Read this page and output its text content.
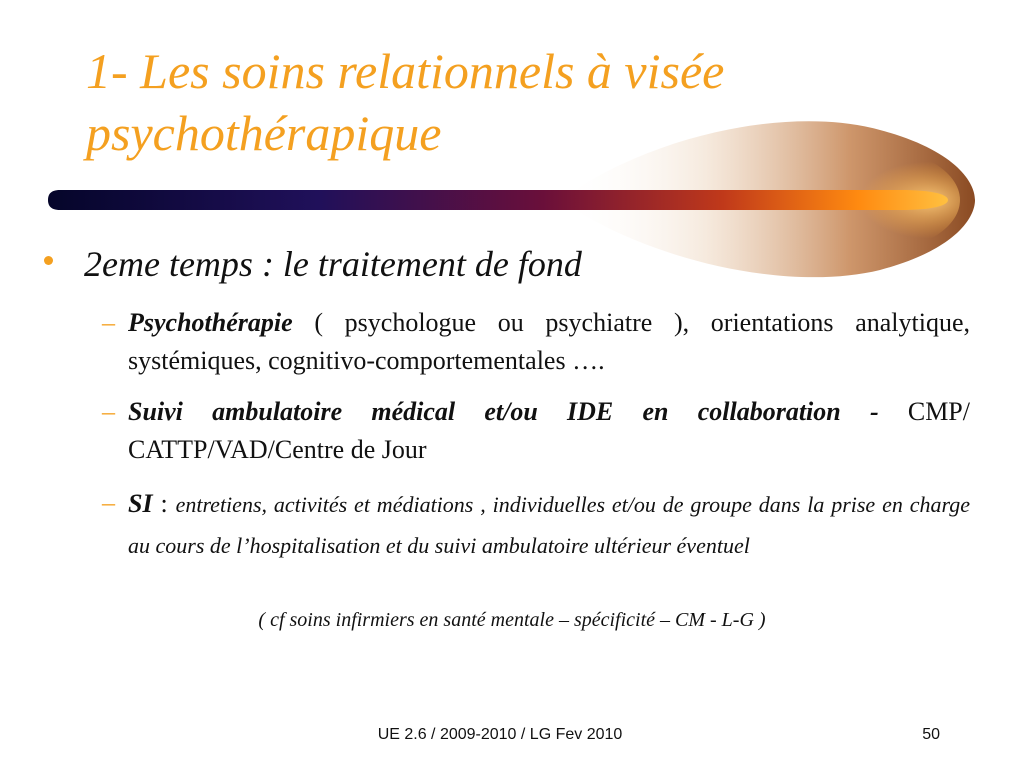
1- Les soins relationnels à visée psychothérapique

2eme temps : le traitement de fond

– Psychothérapie ( psychologue ou psychiatre ), orientations analytique, systémiques, cognitivo-comportementales ….
– Suivi ambulatoire médical et/ou IDE en collaboration - CMP/ CATTP/VAD/Centre de Jour
– SI : entretiens, activités et médiations , individuelles et/ou de groupe dans la prise en charge au cours de l’hospitalisation et du suivi ambulatoire ultérieur éventuel

( cf soins infirmiers en santé mentale – spécificité – CM - L-G )

UE 2.6 / 2009-2010 / LG Fev 2010	50
